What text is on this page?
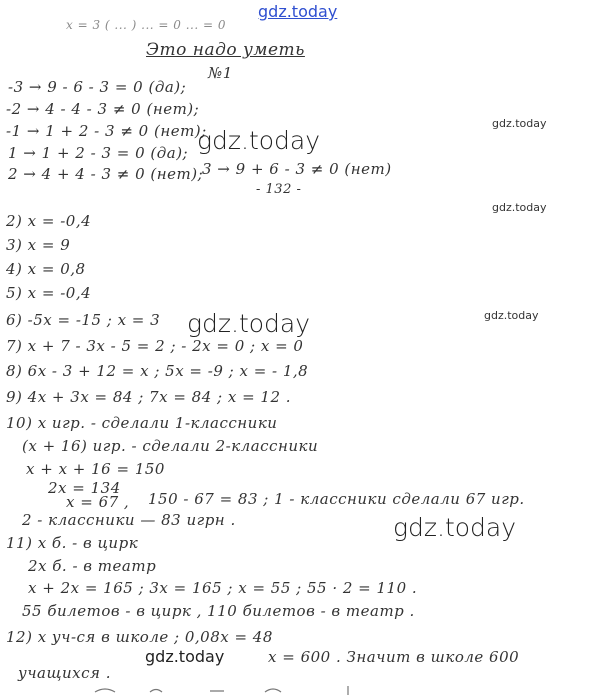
gdz.today
x = 3 ( ... ) ... = 0 ... = 0
Это надо уметь
№1
-3 → 9 - 6 - 3 = 0 (да);
-2 → 4 - 4 - 3 ≠ 0 (нет);
-1 → 1 + 2 - 3 ≠ 0 (нет);
1 → 1 + 2 - 3 = 0 (да);
2 → 4 + 4 - 3 ≠ 0 (нет);
3 → 9 + 6 - 3 ≠ 0 (нет)
- 132 -
2) x = -0,4
3) x = 9
4) x = 0,8
5) x = -0,4
6) -5x = -15 ; x = 3
7) x + 7 - 3x - 5 = 2 ; - 2x = 0 ; x = 0
8) 6x - 3 + 12 = x ; 5x = -9 ; x = - 1,8
9) 4x + 3x = 84 ; 7x = 84 ; x = 12 .
10) x игр. - сделали 1-классники
(x + 16) игр. - сделали 2-классники
x + x + 16 = 150
2x = 134
x = 67 , 150 - 67 = 83 ; 1 - классники сделали 67 игр.
2 - классники — 83 игрн .
11) x б. - в цирк
2x б. - в театр
x + 2x = 165 ; 3x = 165 ; x = 55 ; 55 · 2 = 110 .
55 билетов - в цирк , 110 билетов - в театр .
12) x уч-ся в школе ; 0,08x = 48
x = 600 . Значит в школе 600
учащихся .
gdz.today
gdz.today
gdz.today
gdz.today	gdz.today
gdz.today
gdz.today
